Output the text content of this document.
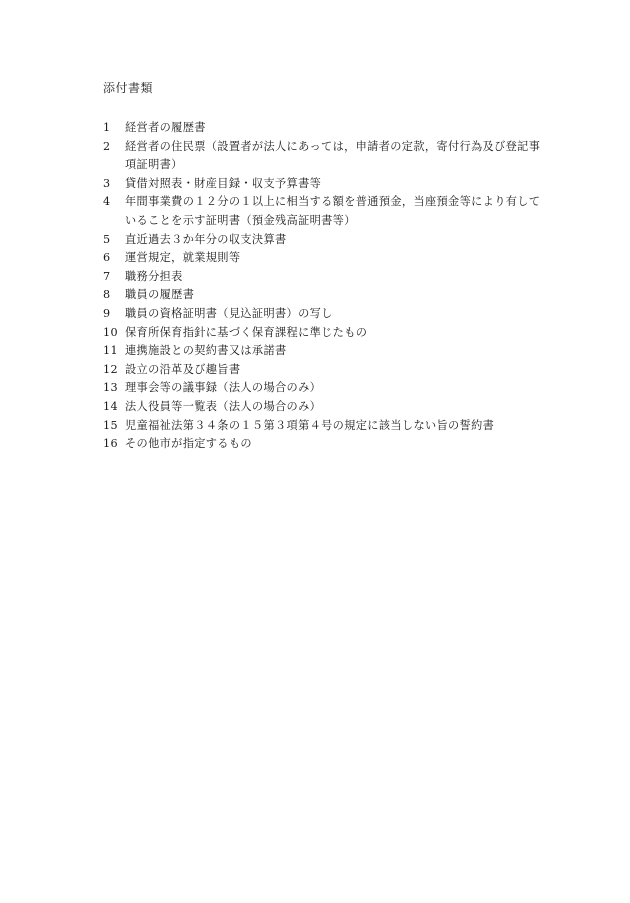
添付書類
1	経営者の履歴書
2	経営者の住民票（設置者が法人にあっては，申請者の定款，寄付行為及び登記事
項証明書）
3	貸借対照表・財産目録・収支予算書等
4	年間事業費の１２分の１以上に相当する額を普通預金，当座預金等により有して
いることを示す証明書（預金残高証明書等）
5	直近過去３か年分の収支決算書
6	運営規定，就業規則等
7	職務分担表
8	職員の履歴書
9	職員の資格証明書（見込証明書）の写し
10 保育所保育指針に基づく保育課程に準じたもの
11 連携施設との契約書又は承諾書
12 設立の沿革及び趣旨書
13 理事会等の議事録（法人の場合のみ）
14 法人役員等一覧表（法人の場合のみ）
15 児童福祉法第３４条の１５第３項第４号の規定に該当しない旨の誓約書
16 その他市が指定するもの
